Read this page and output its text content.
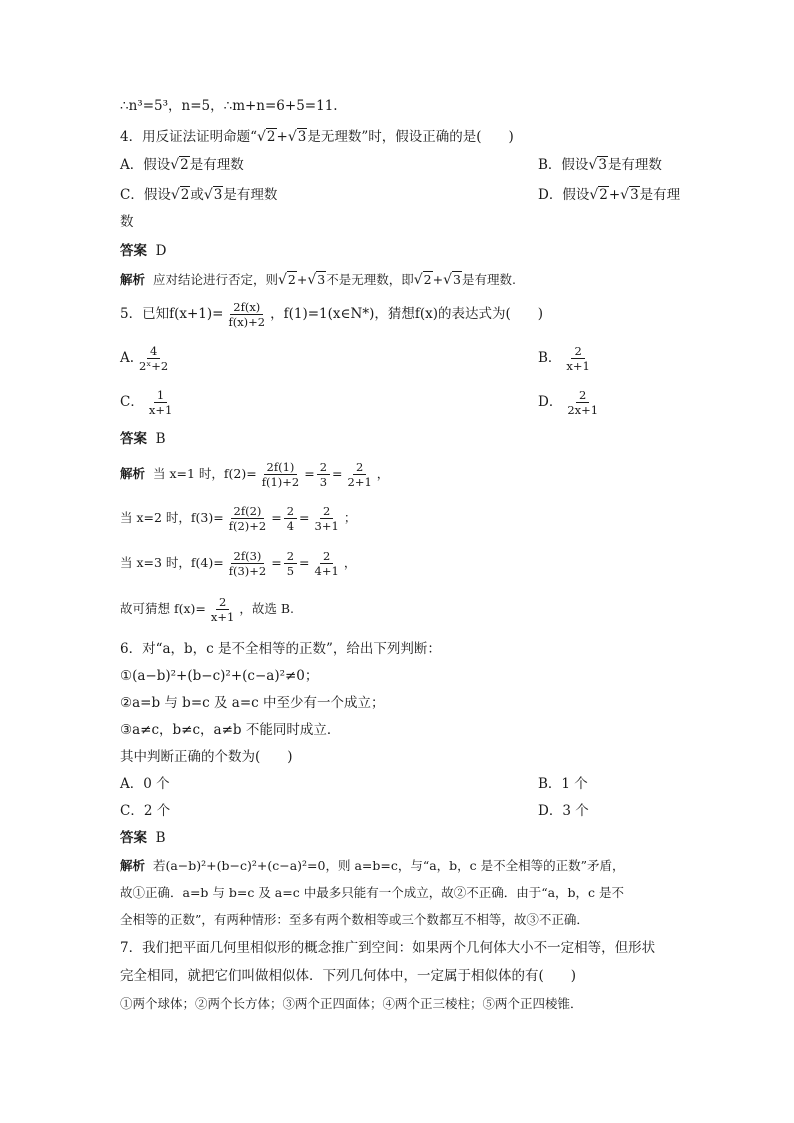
∴n³=5³，n=5，∴m+n=6+5=11.
4．用反证法证明命题“√2+√3是无理数”时，假设正确的是(　　)
A．假设√2是有理数	B．假设√3是有理数
C．假设√2或√3是有理数	D．假设√2+√3是有理
数
答案 D
解析 应对结论进行否定，则√2+√3不是无理数，即√2+√3是有理数.
5．已知$f(x+1)= \frac{2f(x)}{f(x)+2}$ ，f(1)=1(x∈N*)，猜想f(x)的表达式为(　　)
A. $\frac{4}{\text{2ˣ+2}}$	B． $\frac{2}{x+1}$
C． $\frac{1}{x+1}$	D． $\frac{2}{2x+1}$
答案 B
解析 当 x=1 时，$f(2)= \frac{2f(1)}{f(1)+2} = \frac{2}{3} = \frac{2}{2+1}$ ，
当 x=2 时，$f(3)= \frac{2f(2)}{f(2)+2} = \frac{2}{4} = \frac{2}{3+1}$ ；
当 x=3 时，$f(4)= \frac{2f(3)}{f(3)+2} = \frac{2}{5} = \frac{2}{4+1}$ ，
故可猜想 $f(x)= \frac{2}{x+1}$ ，故选 B.
6．对“a，b，c 是不全相等的正数”，给出下列判断：
①(a−b)²+(b−c)²+(c−a)²≠0；
②a=b 与 b=c 及 a=c 中至少有一个成立；
③a≠c，b≠c，a≠b 不能同时成立．
其中判断正确的个数为(　　)
A．0 个	B．1 个
C．2 个	D．3 个
答案 B
解析 若(a−b)²+(b−c)²+(c−a)²=0，则 a=b=c，与“a，b，c 是不全相等的正数”矛盾，
故①正确．a=b 与 b=c 及 a=c 中最多只能有一个成立，故②不正确．由于“a，b，c 是不
全相等的正数”，有两种情形：至多有两个数相等或三个数都互不相等，故③不正确．
7．我们把平面几何里相似形的概念推广到空间：如果两个几何体大小不一定相等，但形状
完全相同，就把它们叫做相似体．下列几何体中，一定属于相似体的有(　　)
①两个球体；②两个长方体；③两个正四面体；④两个正三棱柱；⑤两个正四棱锥．
